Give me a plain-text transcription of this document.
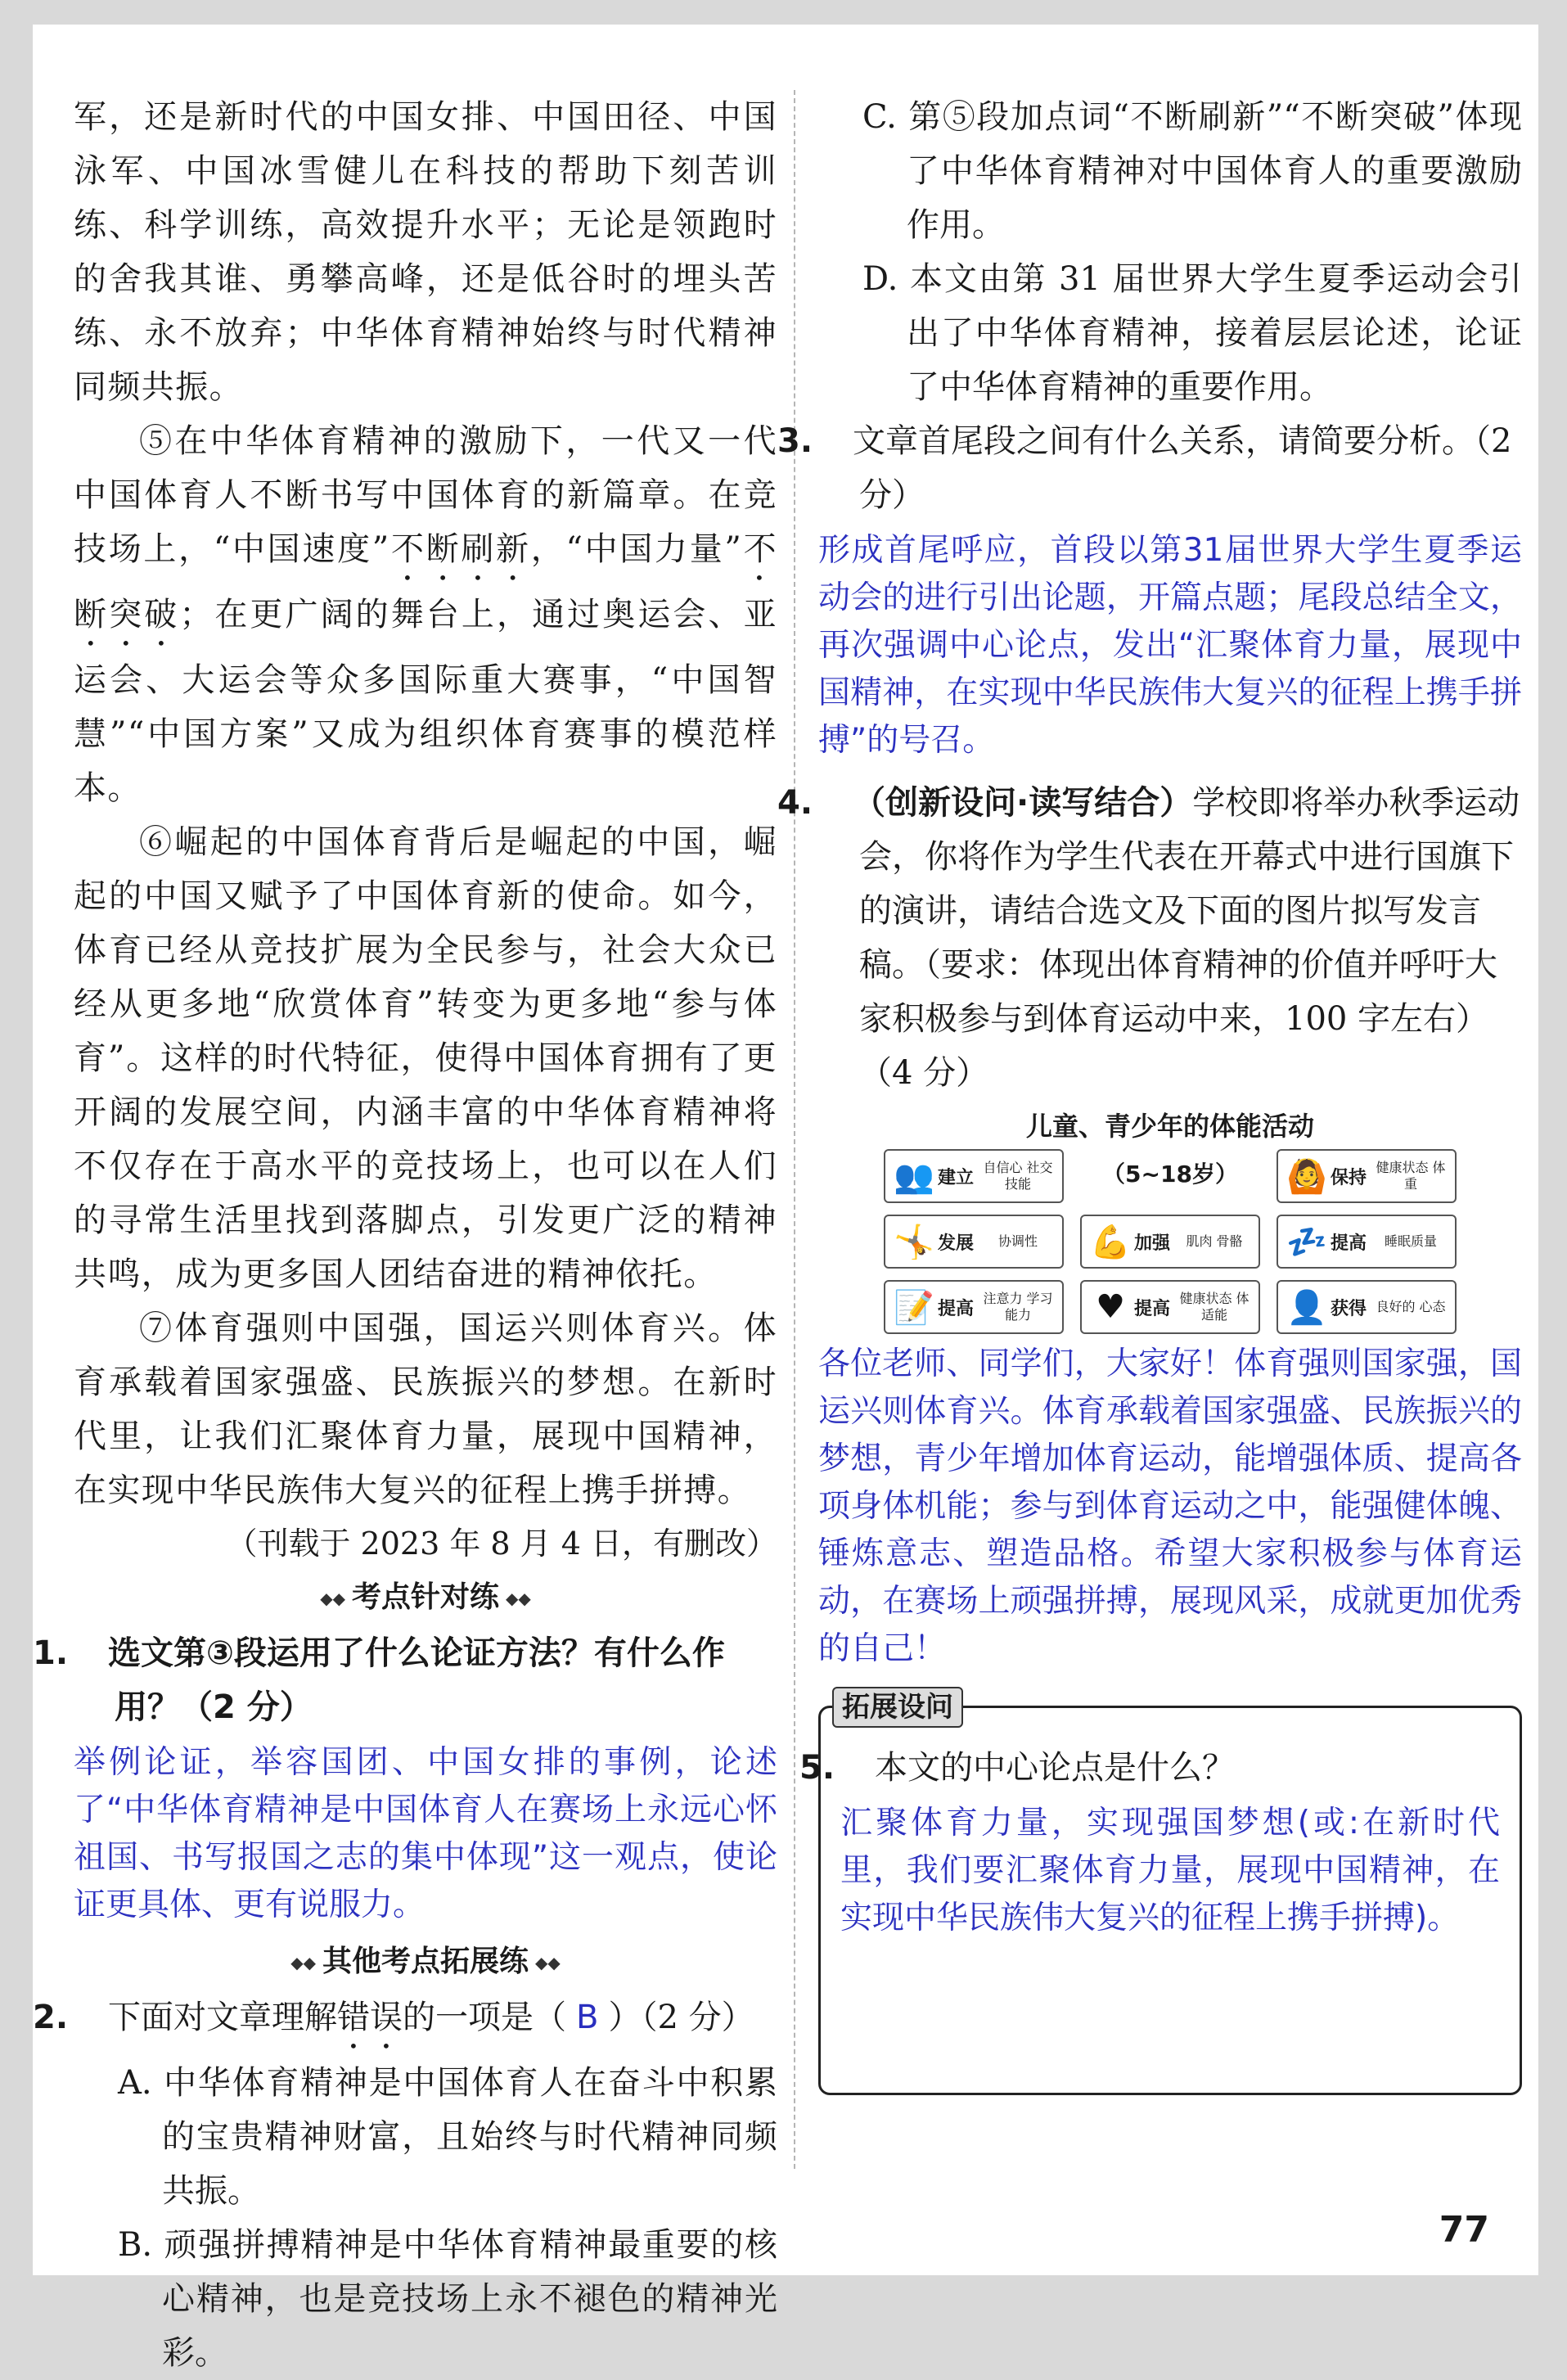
军，还是新时代的中国女排、中国田径、中国泳军、中国冰雪健儿在科技的帮助下刻苦训练、科学训练，高效提升水平；无论是领跑时的舍我其谁、勇攀高峰，还是低谷时的埋头苦练、永不放弃；中华体育精神始终与时代精神同频共振。

⑤在中华体育精神的激励下，一代又一代中国体育人不断书写中国体育的新篇章。在竞技场上，“中国速度”不断刷新，“中国力量”不断突破；在更广阔的舞台上，通过奥运会、亚运会、大运会等众多国际重大赛事，“中国智慧”“中国方案”又成为组织体育赛事的模范样本。

⑥崛起的中国体育背后是崛起的中国，崛起的中国又赋予了中国体育新的使命。如今，体育已经从竞技扩展为全民参与，社会大众已经从更多地“欣赏体育”转变为更多地“参与体育”。这样的时代特征，使得中国体育拥有了更开阔的发展空间，内涵丰富的中华体育精神将不仅存在于高水平的竞技场上，也可以在人们的寻常生活里找到落脚点，引发更广泛的精神共鸣，成为更多国人团结奋进的精神依托。

⑦体育强则中国强，国运兴则体育兴。体育承载着国家强盛、民族振兴的梦想。在新时代里，让我们汇聚体育力量，展现中国精神，在实现中华民族伟大复兴的征程上携手拼搏。

（刊载于 2023 年 8 月 4 日，有删改）

◆◆ 考点针对练 ◆◆

1. 选文第③段运用了什么论证方法？有什么作用？（2 分）

举例论证，举容国团、中国女排的事例，论述了“中华体育精神是中国体育人在赛场上永远心怀祖国、书写报国之志的集中体现”这一观点，使论证更具体、更有说服力。

◆◆ 其他考点拓展练 ◆◆

2. 下面对文章理解错误的一项是（ B ）（2 分）

A. 中华体育精神是中国体育人在奋斗中积累的宝贵精神财富，且始终与时代精神同频共振。

B. 顽强拼搏精神是中华体育精神最重要的核心精神，也是竞技场上永不褪色的精神光彩。

C. 第⑤段加点词“不断刷新”“不断突破”体现了中华体育精神对中国体育人的重要激励作用。

D. 本文由第 31 届世界大学生夏季运动会引出了中华体育精神，接着层层论述，论证了中华体育精神的重要作用。

3. 文章首尾段之间有什么关系，请简要分析。（2 分）

形成首尾呼应，首段以第31届世界大学生夏季运动会的进行引出论题，开篇点题；尾段总结全文，再次强调中心论点，发出“汇聚体育力量，展现中国精神，在实现中华民族伟大复兴的征程上携手拼搏”的号召。

4. （创新设问·读写结合）学校即将举办秋季运动会，你将作为学生代表在开幕式中进行国旗下的演讲，请结合选文及下面的图片拟写发言稿。（要求：体现出体育精神的价值并呼吁大家积极参与到体育运动中来，100 字左右）（4 分）

儿童、青少年的体能活动
👥 建立 自信心 社交技能	（5~18岁）	🙆 保持 健康状态 体重
🤸 发展	协调性	💪 加强	肌肉 骨骼	💤 提高	睡眠质量
📝 提高 注意力 学习能力	♥ 提高 健康状态 体适能	👤 获得 良好的 心态

各位老师、同学们，大家好！体育强则国家强，国运兴则体育兴。体育承载着国家强盛、民族振兴的梦想，青少年增加体育运动，能增强体质、提高各项身体机能；参与到体育运动之中，能强健体魄、锤炼意志、塑造品格。希望大家积极参与体育运动，在赛场上顽强拼搏，展现风采，成就更加优秀的自己！

拓展设问

5. 本文的中心论点是什么？

汇聚体育力量，实现强国梦想(或:在新时代里，我们要汇聚体育力量，展现中国精神，在实现中华民族伟大复兴的征程上携手拼搏)。

77
